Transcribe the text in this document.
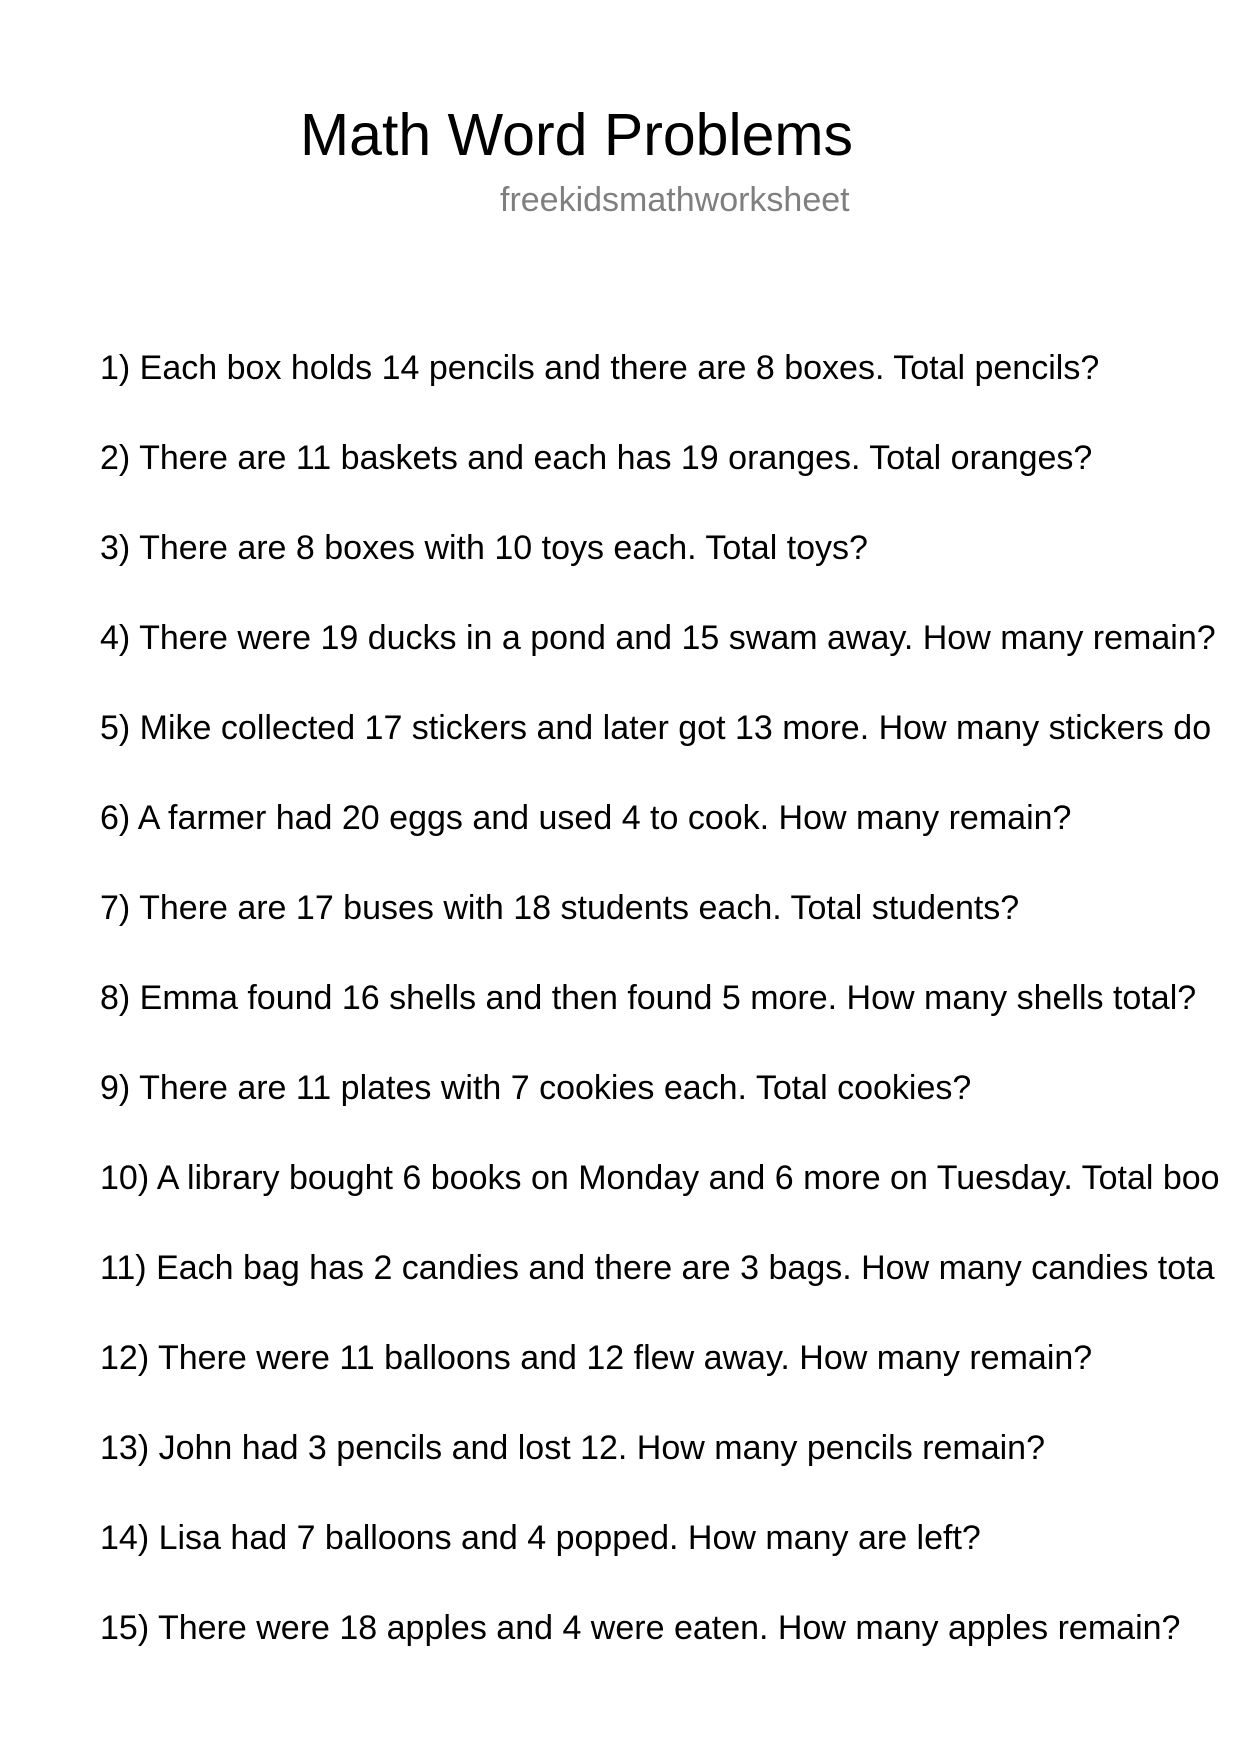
Math Word Problems
freekidsmathworksheet
1) Each box holds 14 pencils and there are 8 boxes. Total pencils?
2) There are 11 baskets and each has 19 oranges. Total oranges?
3) There are 8 boxes with 10 toys each. Total toys?
4) There were 19 ducks in a pond and 15 swam away. How many remain?
5) Mike collected 17 stickers and later got 13 more. How many stickers do
6) A farmer had 20 eggs and used 4 to cook. How many remain?
7) There are 17 buses with 18 students each. Total students?
8) Emma found 16 shells and then found 5 more. How many shells total?
9) There are 11 plates with 7 cookies each. Total cookies?
10) A library bought 6 books on Monday and 6 more on Tuesday. Total boo
11) Each bag has 2 candies and there are 3 bags. How many candies tota
12) There were 11 balloons and 12 flew away. How many remain?
13) John had 3 pencils and lost 12. How many pencils remain?
14) Lisa had 7 balloons and 4 popped. How many are left?
15) There were 18 apples and 4 were eaten. How many apples remain?
